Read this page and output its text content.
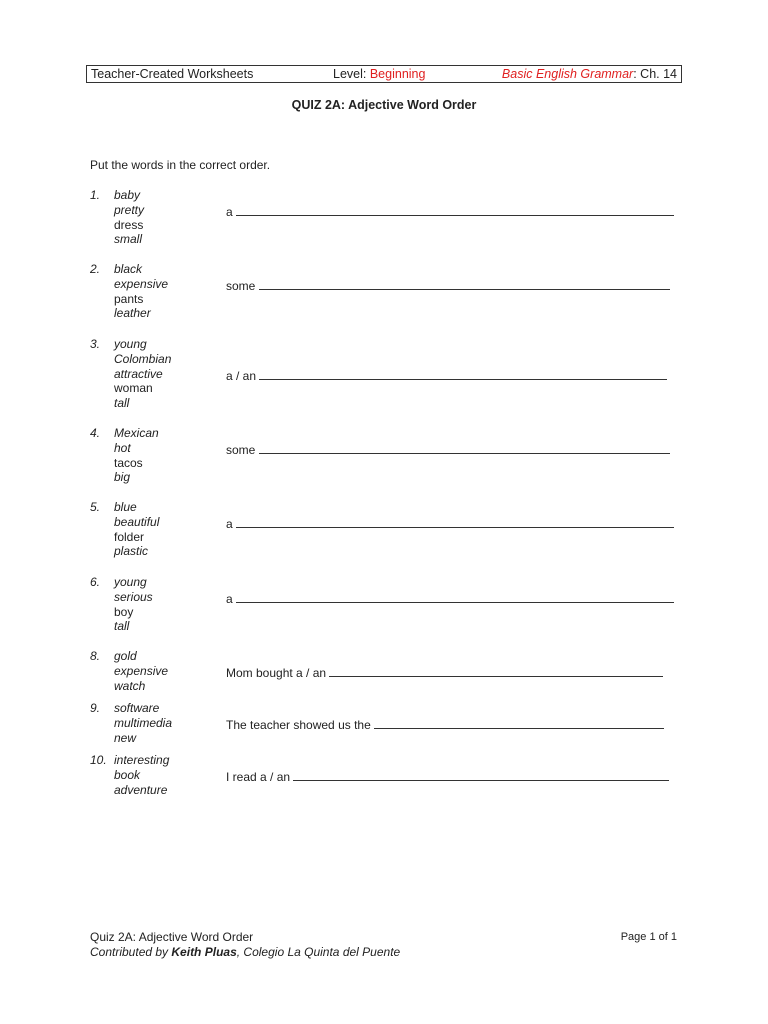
Teacher-Created Worksheets	Level: Beginning	Basic English Grammar: Ch. 14
QUIZ 2A: Adjective Word Order
Put the words in the correct order.
1. baby
pretty
dress
small
a
2. black
expensive
pants
leather
some
3. young
Colombian
attractive
woman
tall
a / an
4. Mexican
hot
tacos
big
some
5. blue
beautiful
folder
plastic
a
6. young
serious
boy
tall
a
8. gold
expensive
watch
Mom bought a / an
9. software
multimedia
new
The teacher showed us the
10. interesting
book
adventure
I read a / an
Quiz 2A: Adjective Word Order
Contributed by Keith Pluas, Colegio La Quinta del Puente
Page 1 of 1
